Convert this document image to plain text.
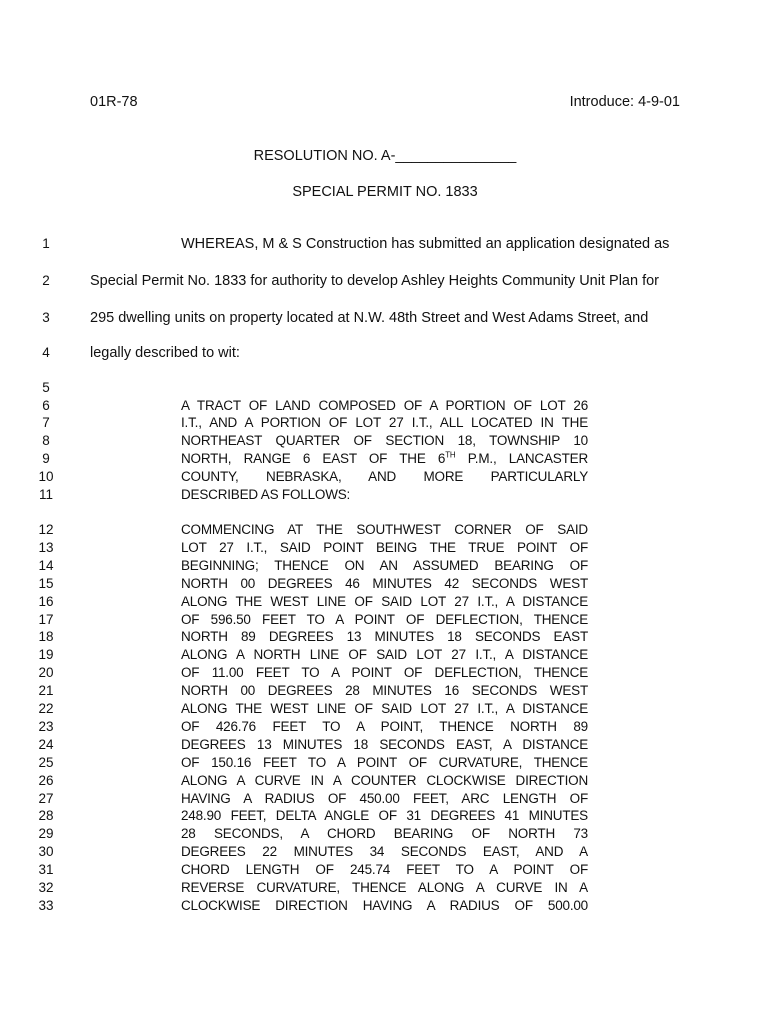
01R-78	Introduce: 4-9-01
RESOLUTION NO. A-_______________
SPECIAL PERMIT NO. 1833
1	WHEREAS, M & S Construction has submitted an application designated as
2	Special Permit No. 1833 for authority to develop Ashley Heights Community Unit Plan for
3	295 dwelling units on property located at N.W. 48th Street and West Adams Street, and
4	legally described to wit:
5
6
7
8
9
10
11
A TRACT OF LAND COMPOSED OF A PORTION OF LOT 26
I.T., AND A PORTION OF LOT 27 I.T., ALL LOCATED IN THE
NORTHEAST QUARTER OF SECTION 18, TOWNSHIP 10
NORTH, RANGE 6 EAST OF THE 6TH P.M., LANCASTER
COUNTY, NEBRASKA, AND MORE PARTICULARLY
DESCRIBED AS FOLLOWS:
12	COMMENCING AT THE SOUTHWEST CORNER OF SAID
13	LOT 27 I.T., SAID POINT BEING THE TRUE POINT OF
14	BEGINNING; THENCE ON AN ASSUMED BEARING OF
15	NORTH 00 DEGREES 46 MINUTES 42 SECONDS WEST
16	ALONG THE WEST LINE OF SAID LOT 27 I.T., A DISTANCE
17	OF 596.50 FEET TO A POINT OF DEFLECTION, THENCE
18	NORTH 89 DEGREES 13 MINUTES 18 SECONDS EAST
19	ALONG A NORTH LINE OF SAID LOT 27 I.T., A DISTANCE
20	OF 11.00 FEET TO A POINT OF DEFLECTION, THENCE
21	NORTH 00 DEGREES 28 MINUTES 16 SECONDS WEST
22	ALONG THE WEST LINE OF SAID LOT 27 I.T., A DISTANCE
23	OF 426.76 FEET TO A POINT, THENCE NORTH 89
24	DEGREES 13 MINUTES 18 SECONDS EAST, A DISTANCE
25	OF 150.16 FEET TO A POINT OF CURVATURE, THENCE
26	ALONG A CURVE IN A COUNTER CLOCKWISE DIRECTION
27	HAVING A RADIUS OF 450.00 FEET, ARC LENGTH OF
28	248.90 FEET, DELTA ANGLE OF 31 DEGREES 41 MINUTES
29	28 SECONDS, A CHORD BEARING OF NORTH 73
30	DEGREES 22 MINUTES 34 SECONDS EAST, AND A
31	CHORD LENGTH OF 245.74 FEET TO A POINT OF
32	REVERSE CURVATURE, THENCE ALONG A CURVE IN A
33	CLOCKWISE DIRECTION HAVING A RADIUS OF 500.00
